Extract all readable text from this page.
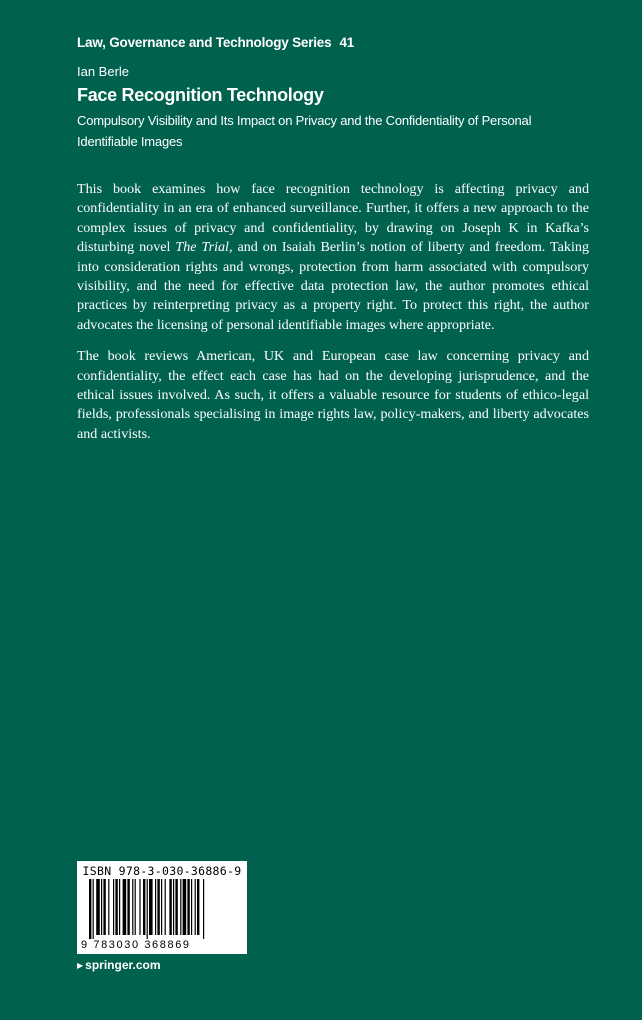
Law, Governance and Technology Series 41
Ian Berle
Face Recognition Technology
Compulsory Visibility and Its Impact on Privacy and the Confidentiality of Personal Identifiable Images

This book examines how face recognition technology is affecting privacy and confidentiality in an era of enhanced surveillance. Further, it offers a new approach to the complex issues of privacy and confidentiality, by drawing on Joseph K in Kafka’s disturbing novel The Trial, and on Isaiah Berlin’s notion of liberty and freedom. Taking into consideration rights and wrongs, protection from harm associated with compulsory visibility, and the need for effective data protection law, the author promotes ethical practices by reinterpreting privacy as a property right. To protect this right, the author advocates the licensing of personal identifiable images where appropriate.

The book reviews American, UK and European case law concerning privacy and confidentiality, the effect each case has had on the developing jurisprudence, and the ethical issues involved. As such, it offers a valuable resource for students of ethico-legal fields, professionals specialising in image rights law, policy-makers, and liberty advocates and activists.

ISBN 978-3-030-36886-9
9 783030 368869
▶ springer.com
